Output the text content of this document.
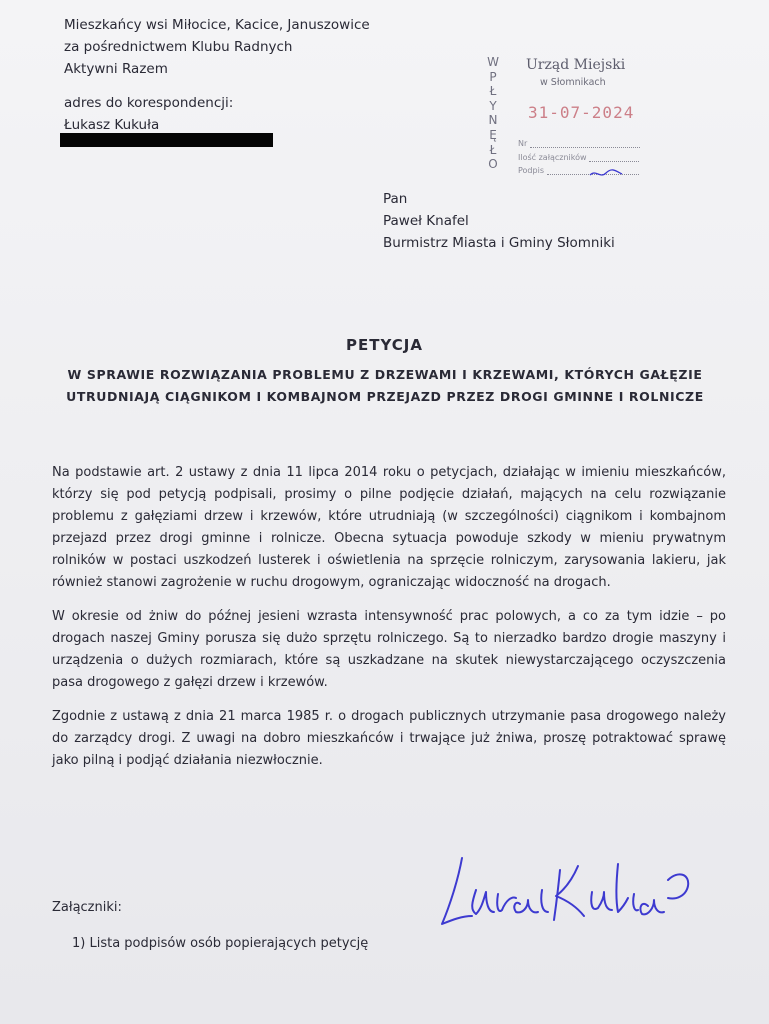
Mieszkańcy wsi Miłocice, Kacice, Januszowice
za pośrednictwem Klubu Radnych
Aktywni Razem
adres do korespondencji:
Łukasz Kukuła
W
P
Ł
Y
N
Ę
Ł
O
Urząd Miejski
w Słomnikach
31-07-2024
Nr
Ilość załączników
Podpis
Pan
Paweł Knafel
Burmistrz Miasta i Gminy Słomniki
PETYCJA
W SPRAWIE ROZWIĄZANIA PROBLEMU Z DRZEWAMI I KRZEWAMI, KTÓRYCH GAŁĘZIE UTRUDNIAJĄ CIĄGNIKOM I KOMBAJNOM PRZEJAZD PRZEZ DROGI GMINNE I ROLNICZE

Na podstawie art. 2 ustawy z dnia 11 lipca 2014 roku o petycjach, działając w imieniu mieszkańców, którzy się pod petycją podpisali, prosimy o pilne podjęcie działań, mających na celu rozwiązanie problemu z gałęziami drzew i krzewów, które utrudniają (w szczególności) ciągnikom i kombajnom przejazd przez drogi gminne i rolnicze. Obecna sytuacja powoduje szkody w mieniu prywatnym rolników w postaci uszkodzeń lusterek i oświetlenia na sprzęcie rolniczym, zarysowania lakieru, jak również stanowi zagrożenie w ruchu drogowym, ograniczając widoczność na drogach.

W okresie od żniw do późnej jesieni wzrasta intensywność prac polowych, a co za tym idzie – po drogach naszej Gminy porusza się dużo sprzętu rolniczego. Są to nierzadko bardzo drogie maszyny i urządzenia o dużych rozmiarach, które są uszkadzane na skutek niewystarczającego oczyszczenia pasa drogowego z gałęzi drzew i krzewów.

Zgodnie z ustawą z dnia 21 marca 1985 r. o drogach publicznych utrzymanie pasa drogowego należy do zarządcy drogi. Z uwagi na dobro mieszkańców i trwające już żniwa, proszę potraktować sprawę jako pilną i podjąć działania niezwłocznie.

Załączniki:
1) Lista podpisów osób popierających petycję
